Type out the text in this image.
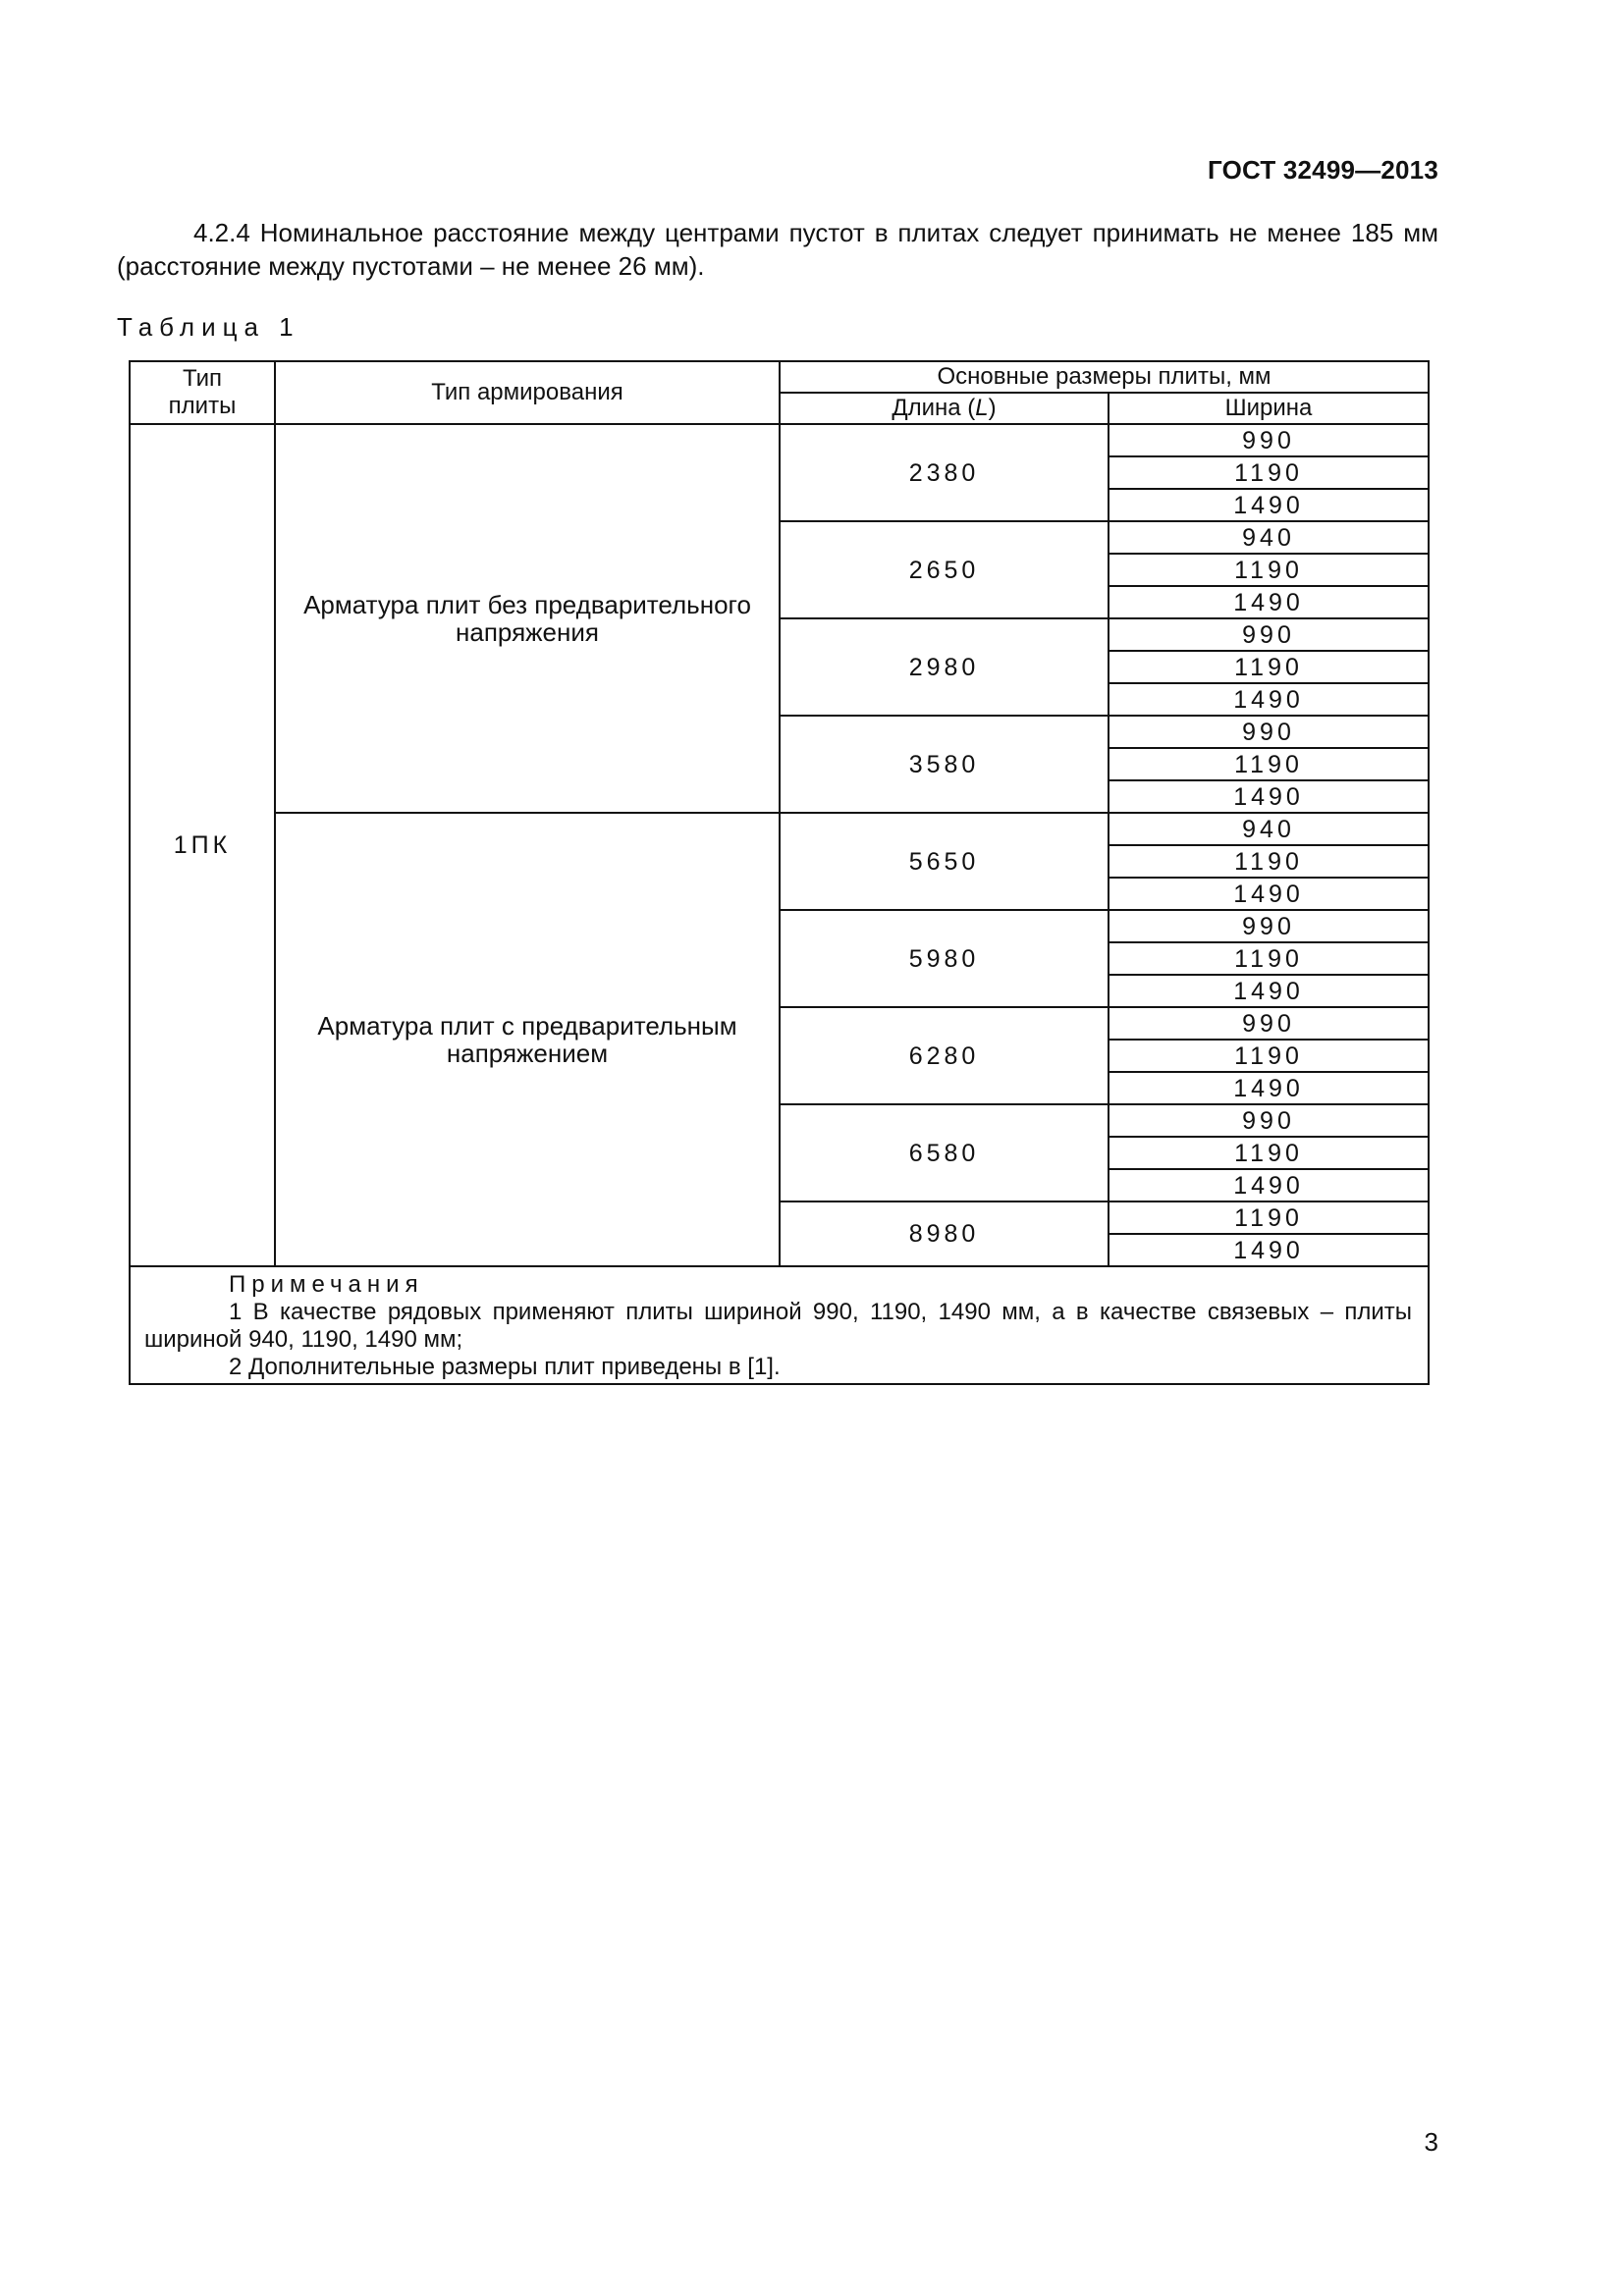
ГОСТ 32499—2013
4.2.4 Номинальное расстояние между центрами пустот в плитах следует принимать не менее 185 мм (расстояние между пустотами – не менее 26 мм).
Таблица 1
Тип
плиты	Тип армирования	Основные размеры плиты, мм	
		Длина (L)	Ширина
1ПК	Арматура плит без предварительного напряжения	2380	990
			1190
			1490
		2650	940
			1190
			1490
		2980	990
			1190
			1490
		3580	990
			1190
			1490
	Арматура плит с предварительным напряжением	5650	940
			1190
			1490
		5980	990
			1190
			1490
		6280	990
			1190
			1490
		6580	990
			1190
			1490
		8980	1190
			1490

Примечания
1 В качестве рядовых применяют плиты шириной 990, 1190, 1490 мм, а в качестве связевых – плиты шириной 940, 1190, 1490 мм;
2 Дополнительные размеры плит приведены в [1].			
3
